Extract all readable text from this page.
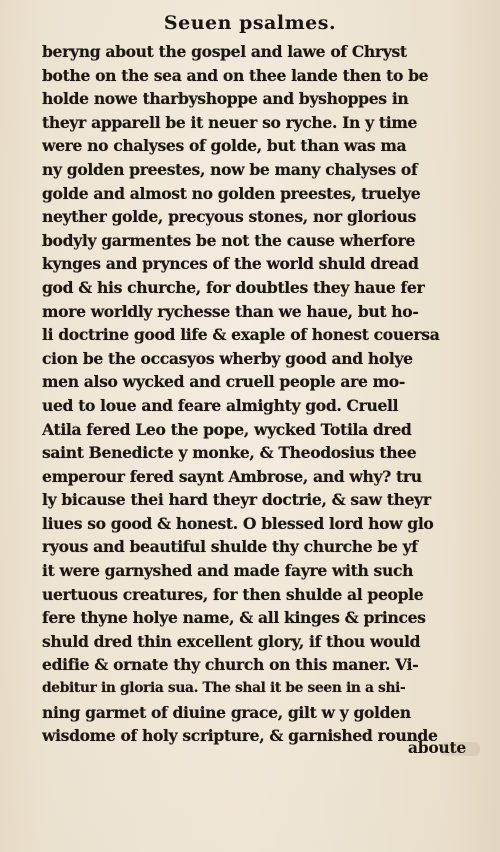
Seuen psalmes.
beryng about the gospel and lawe of Chryst
bothe on the sea and on thee lande then to be
holde nowe tharbyshoppe and byshoppes in
theyr apparell be it neuer so ryche. In y time
were no chalyses of golde, but than was ma
ny golden preestes, now be many chalyses of
golde and almost no golden preestes, truelye
neyther golde, precyous stones, nor glorious
bodyly garmentes be not the cause wherfore
kynges and prynces of the world shuld dread
god & his churche, for doubtles they haue fer
more worldly rychesse than we haue, but ho-
li doctrine good life & exaple of honest couersa
cion be the occasyos wherby good and holye
men also wycked and cruell people are mo-
ued to loue and feare almighty god. Cruell
Atila fered Leo the pope, wycked Totila dred
saint Benedicte y monke, & Theodosius thee
emperour fered saynt Ambrose, and why? tru
ly bicause thei hard theyr doctrie, & saw theyr
liues so good & honest. O blessed lord how glo
ryous and beautiful shulde thy churche be yf
it were garnyshed and made fayre with such
uertuous creatures, for then shulde al people
fere thyne holye name, & all kinges & princes
shuld dred thin excellent glory, if thou would
edifie & ornate thy church on this maner. Vi-
debitur in gloria sua. The shal it be seen in a shi-
ning garmet of diuine grace, gilt w y golden
wisdome of holy scripture, & garnished rounde
aboute
